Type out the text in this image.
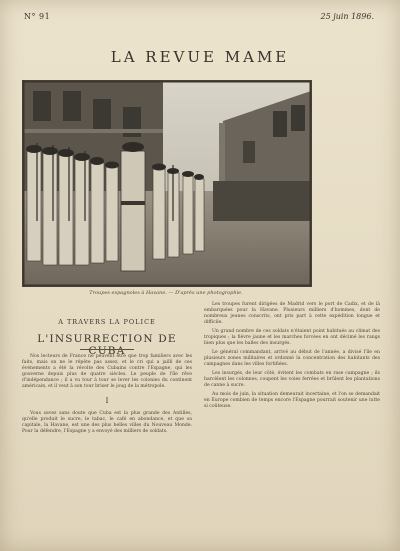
N° 91	25 juin 1896.
LA REVUE MAME
Troupes espagnoles à Havane. — D'après une photographie.
A TRAVERS LA POLICE
L'INSURRECTION DE CUBA

Nos lecteurs de France ne peuvent être que trop familiers avec les faits, mais on ne le répète pas assez, et le cri qui a jailli de ces événements a été la révolte des Cubains contre l'Espagne, qui les gouverne depuis plus de quatre siècles. Le peuple de l'île rêve d'indépendance ; il a vu tour à tour se lever les colonies du continent américain, et il veut à son tour briser le joug de la métropole.

I

Vous savez sans doute que Cuba est la plus grande des Antilles, qu'elle produit le sucre, le tabac, le café en abondance, et que sa capitale, la Havane, est une des plus belles villes du Nouveau Monde. Pour la défendre, l'Espagne y a envoyé des milliers de soldats.

Les troupes furent dirigées de Madrid vers le port de Cadix, et de là embarquées pour la Havane. Plusieurs milliers d'hommes, dont de nombreux jeunes conscrits, ont pris part à cette expédition longue et difficile.

Un grand nombre de ces soldats n'étaient point habitués au climat des tropiques ; la fièvre jaune et les marches forcées en ont décimé les rangs bien plus que les balles des insurgés.

Le général commandant, arrivé au début de l'année, a divisé l'île en plusieurs zones militaires et ordonné la concentration des habitants des campagnes dans les villes fortifiées.

Les insurgés, de leur côté, évitent les combats en rase campagne ; ils harcèlent les colonnes, coupent les voies ferrées et brûlent les plantations de canne à sucre.

Au mois de juin, la situation demeurait incertaine, et l'on se demandait en Europe combien de temps encore l'Espagne pourrait soutenir une lutte si coûteuse.
